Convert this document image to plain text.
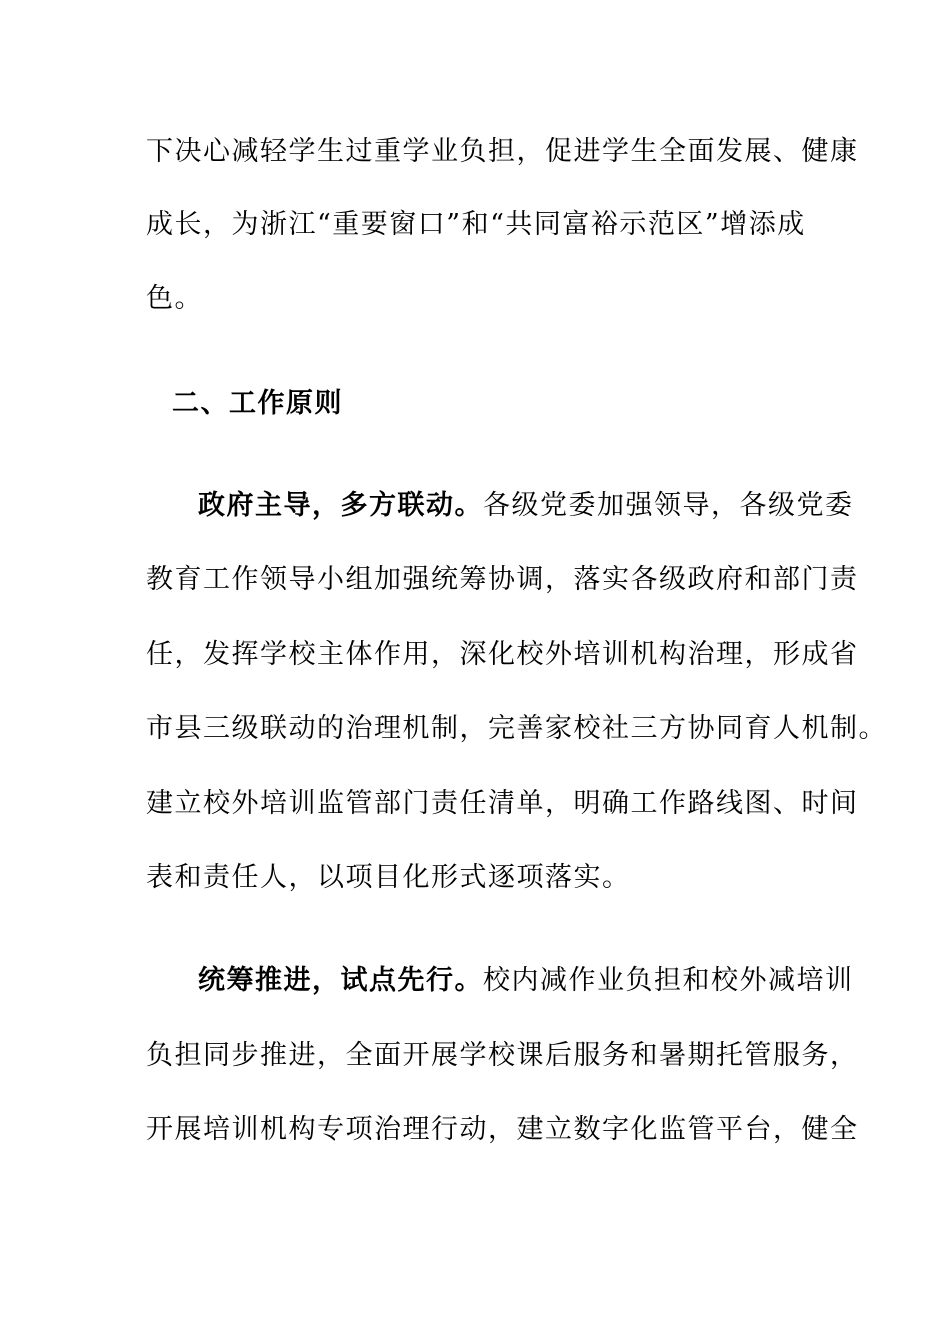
下决心减轻学生过重学业负担，促进学生全面发展、健康
成长，为浙江“重要窗口”和“共同富裕示范区”增添成
色。
二、工作原则
政府主导，多方联动。各级党委加强领导，各级党委
教育工作领导小组加强统筹协调，落实各级政府和部门责
任，发挥学校主体作用，深化校外培训机构治理，形成省
市县三级联动的治理机制，完善家校社三方协同育人机制。
建立校外培训监管部门责任清单，明确工作路线图、时间
表和责任人，以项目化形式逐项落实。
统筹推进，试点先行。校内减作业负担和校外减培训
负担同步推进，全面开展学校课后服务和暑期托管服务，
开展培训机构专项治理行动，建立数字化监管平台，健全
